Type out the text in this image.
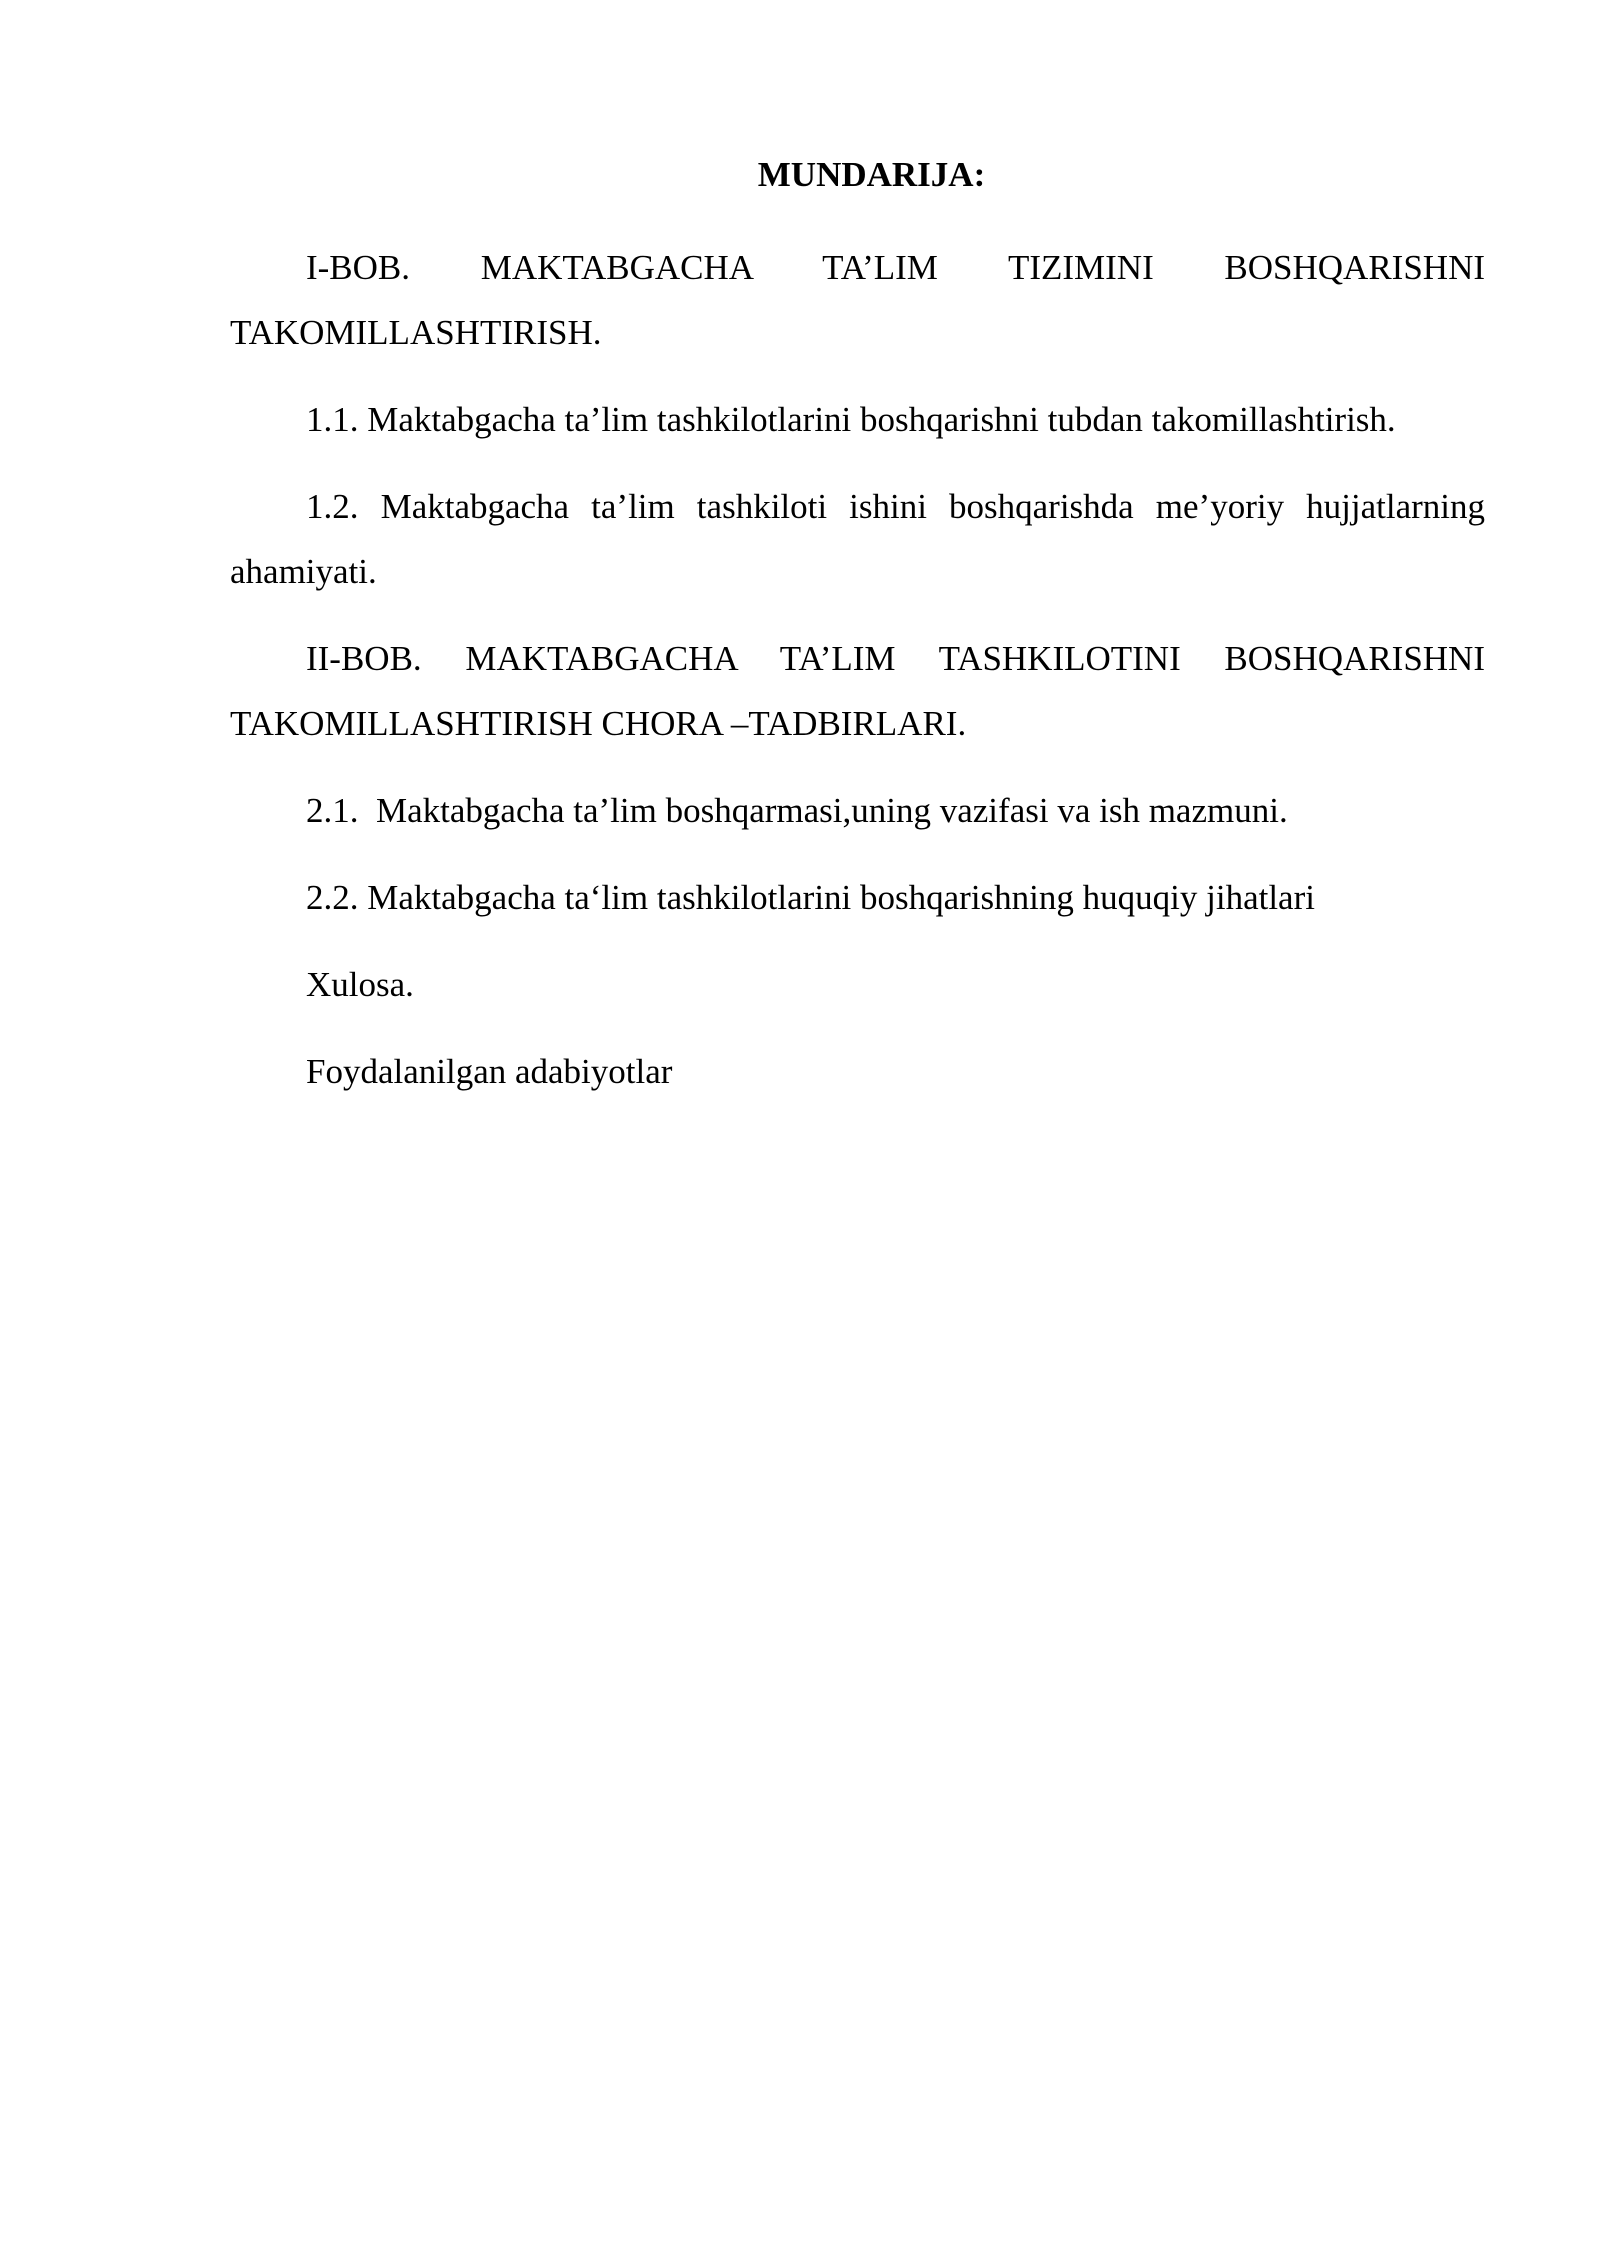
MUNDARIJA:

I-BOB. MAKTABGACHA TA’LIM TIZIMINI BOSHQARISHNI TAKOMILLASHTIRISH.

1.1. Maktabgacha ta’lim tashkilotlarini boshqarishni tubdan takomillashtirish.

1.2. Maktabgacha ta’lim tashkiloti ishini boshqarishda me’yoriy hujjatlarning ahamiyati.

II-BOB. MAKTABGACHA TA’LIM TASHKILOTINI BOSHQARISHNI TAKOMILLASHTIRISH CHORA –TADBIRLARI.

2.1.  Maktabgacha ta’lim boshqarmasi,uning vazifasi va ish mazmuni.

2.2. Maktabgacha ta‘lim tashkilotlarini boshqarishning huquqiy jihatlari

Xulosa.

Foydalanilgan adabiyotlar
